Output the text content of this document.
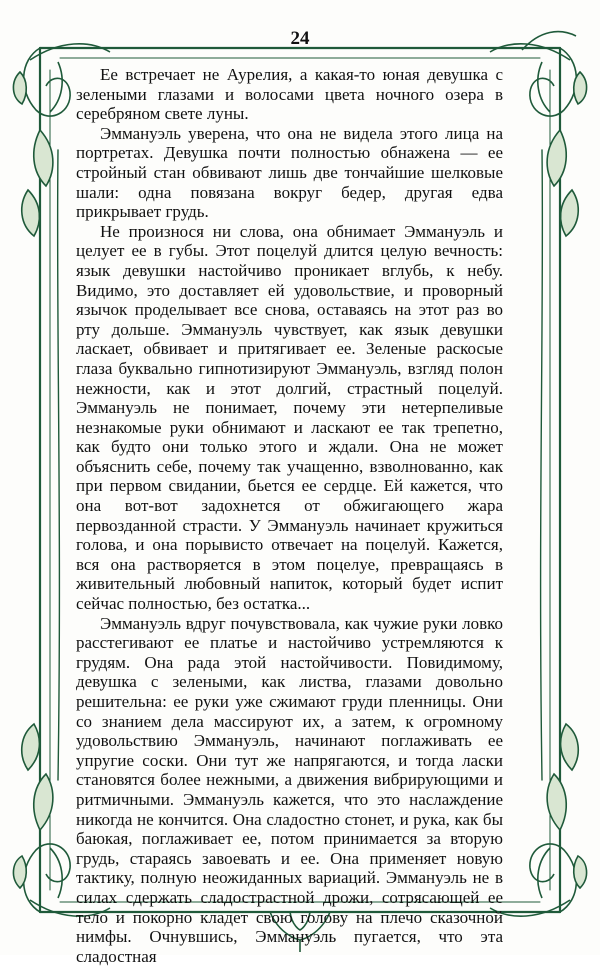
24

Ее встречает не Аурелия, а какая-то юная девушка с зелеными глазами и волосами цвета ночного озера в серебряном свете луны.

Эммануэль уверена, что она не видела этого лица на портретах. Девушка почти полностью обнажена — ее стройный стан обвивают лишь две тончайшие шелковые шали: одна повязана вокруг бедер, другая едва прикрывает грудь.

Не произнося ни слова, она обнимает Эммануэль и целует ее в губы. Этот поцелуй длится целую вечность: язык девушки настойчиво проникает вглубь, к небу. Видимо, это доставляет ей удовольствие, и проворный язычок проделывает все снова, оставаясь на этот раз во рту дольше. Эммануэль чувствует, как язык девушки ласкает, обвивает и притягивает ее. Зеленые раскосые глаза буквально гипнотизируют Эммануэль, взгляд полон нежности, как и этот долгий, страстный поцелуй. Эммануэль не понимает, почему эти нетерпеливые незнакомые руки обнимают и ласкают ее так трепетно, как будто они только этого и ждали. Она не может объяснить себе, почему так учащенно, взволнованно, как при первом свидании, бьется ее сердце. Ей кажется, что она вот-вот задохнется от обжигающего жара первозданной страсти. У Эммануэль начинает кружиться голова, и она порывисто отвечает на поцелуй. Кажется, вся она растворяется в этом поцелуе, превращаясь в живительный любовный напиток, который будет испит сейчас полностью, без остатка...

Эммануэль вдруг почувствовала, как чужие руки ловко расстегивают ее платье и настойчиво устремляются к грудям. Она рада этой настойчивости. Повидимому, девушка с зелеными, как листва, глазами довольно решительна: ее руки уже сжимают груди пленницы. Они со знанием дела массируют их, а затем, к огромному удовольствию Эммануэль, начинают поглаживать ее упругие соски. Они тут же напрягаются, и тогда ласки становятся более нежными, а движения вибрирующими и ритмичными. Эммануэль кажется, что это наслаждение никогда не кончится. Она сладостно стонет, и рука, как бы баюкая, поглаживает ее, потом принимается за вторую грудь, стараясь завоевать и ее. Она применяет новую тактику, полную неожиданных вариаций. Эммануэль не в силах сдержать сладострастной дрожи, сотрясающей ее тело и покорно кладет свою голову на плечо сказочной нимфы. Очнувшись, Эммануэль пугается, что эта сладостная
